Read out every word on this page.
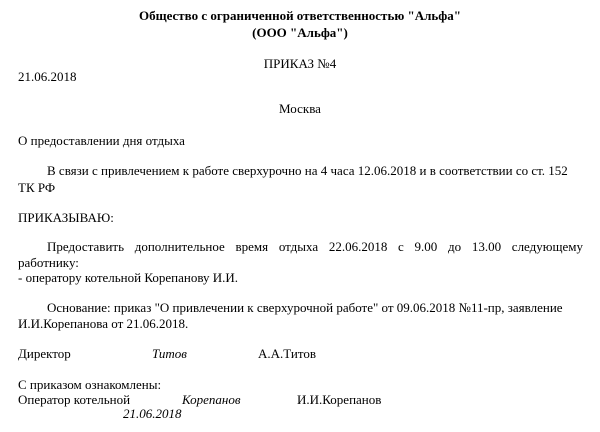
Общество с ограниченной ответственностью "Альфа"
(ООО "Альфа")
ПРИКАЗ №4
21.06.2018
Москва
О предоставлении дня отдыха
В связи с привлечением к работе сверхурочно на 4 часа 12.06.2018 и в соответствии со ст. 152
ТК РФ
ПРИКАЗЫВАЮ:
Предоставить дополнительное время отдыха 22.06.2018 с 9.00 до 13.00 следующему
работнику:
- оператору котельной Корепанову И.И.
Основание: приказ "О привлечении к сверхурочной работе" от 09.06.2018 №11-пр, заявление
И.И.Корепанова от 21.06.2018.
Директор	Титов	А.А.Титов
С приказом ознакомлены:
Оператор котельной	Корепанов	И.И.Корепанов
21.06.2018
